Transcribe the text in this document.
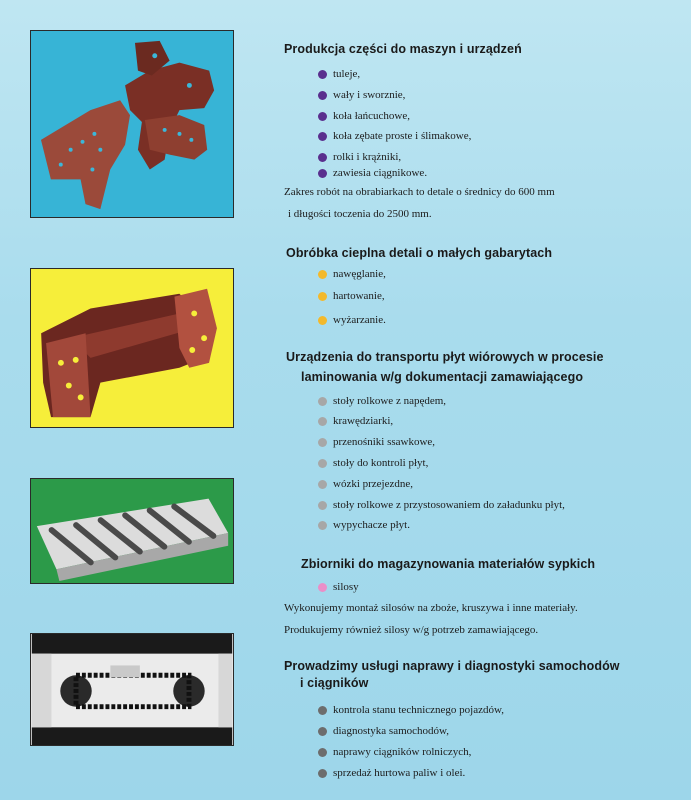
Produkcja części do maszyn i urządzeń
tuleje,
wały i sworznie,
koła łańcuchowe,
koła zębate proste i ślimakowe,
rolki i krążniki,
zawiesia ciągnikowe.
Zakres robót na obrabiarkach to detale o średnicy do 600 mm
i długości toczenia do 2500 mm.
Obróbka cieplna detali o małych gabarytach
nawęglanie,
hartowanie,
wyżarzanie.
Urządzenia do transportu płyt wiórowych w procesie
laminowania w/g dokumentacji zamawiającego
stoły rolkowe z napędem,
krawędziarki,
przenośniki ssawkowe,
stoły do kontroli płyt,
wózki przejezdne,
stoły rolkowe z przystosowaniem do załadunku płyt,
wypychacze płyt.
Zbiorniki do magazynowania materiałów sypkich
silosy
Wykonujemy montaż silosów na zboże, kruszywa i inne materiały.
Produkujemy również silosy w/g potrzeb zamawiającego.
Prowadzimy usługi naprawy i diagnostyki samochodów
i ciągników
kontrola stanu technicznego pojazdów,
diagnostyka samochodów,
naprawy ciągników rolniczych,
sprzedaż hurtowa paliw i olei.
